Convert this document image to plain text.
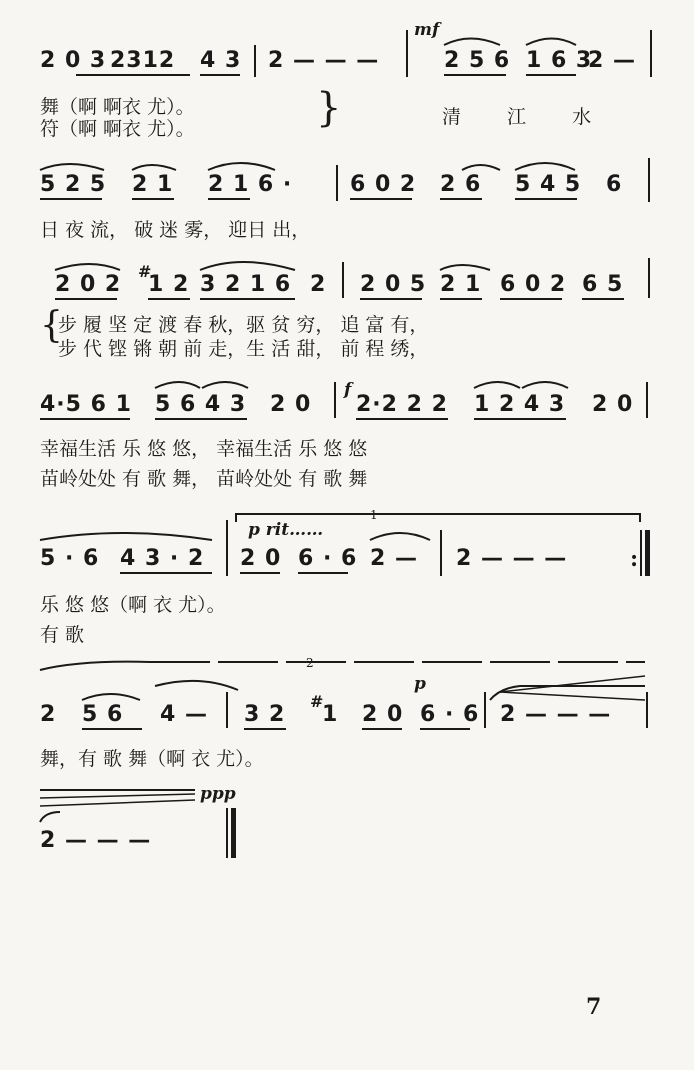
2 0 3 2312 4 3 2 — — —
mf
2 5 6 1 6 3
2 —
舞（啊 啊衣 尤）。
符（啊 啊衣 尤）。	}	清 江 水
5 2 5 2 1 2 1 6 ·	6 0 2 2 6 5 4 5 6
日 夜 流， 破 迷 雾， 迎日 出，
2 0 2
#
1 2 3 2 1 6 2 2 0 5 2 1 6 0 2 6 5
{
步 履 坚 定 渡 春 秋，驱 贫 穷， 追 富 有，
步 代 铿 锵 朝 前 走，生 活 甜， 前 程 绣，
4·5 6 1 5 6 4 3 2 0
f
2·2 2 2 1 2 4 3 2 0
幸福生活 乐 悠 悠， 幸福生活 乐 悠 悠
苗岭处处 有 歌 舞， 苗岭处处 有 歌 舞
5 · 6 4 3 · 2
p rit……
1
2 0 6 · 6 2 — 2 — — —	:
乐 悠 悠（啊 衣 尤）。
有 歌
2
2 5 6 4 — 3 2
#
1
p
2 0 6 · 6 2 — — —
舞，有 歌 舞（啊 衣 尤）。
ppp
2 — — —
7
